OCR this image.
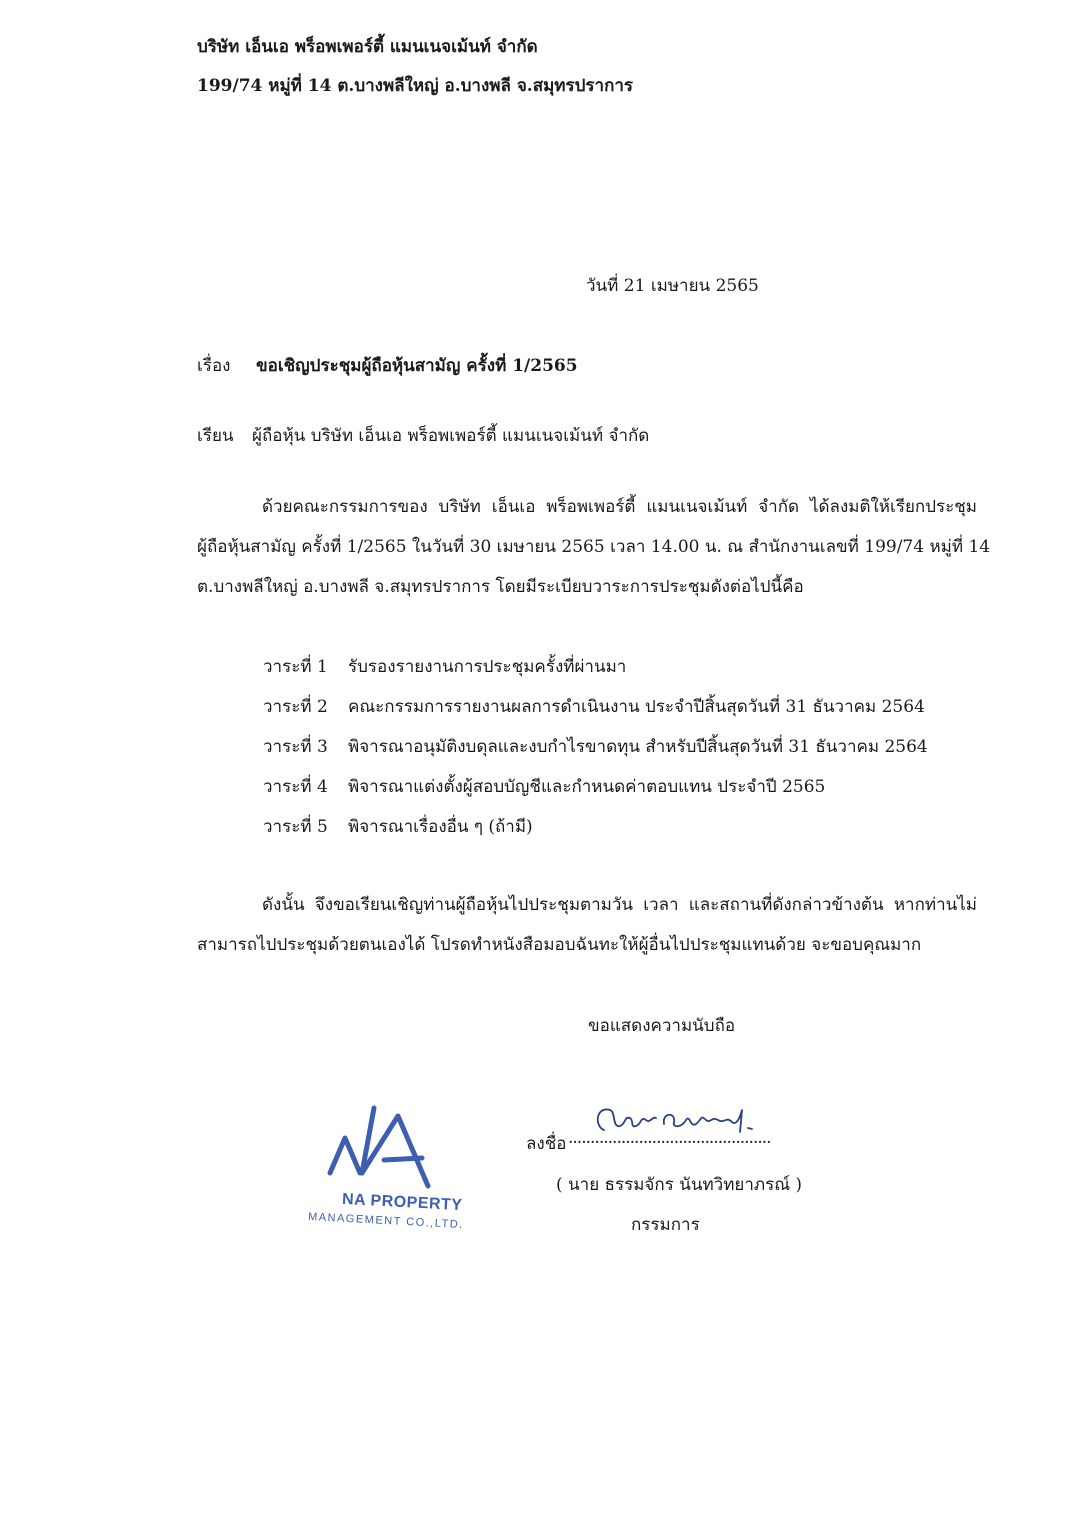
บริษัท เอ็นเอ พร็อพเพอร์ตี้ แมนเนจเม้นท์ จำกัด
199/74 หมู่ที่ 14 ต.บางพลีใหญ่ อ.บางพลี จ.สมุทรปราการ
วันที่ 21 เมษายน 2565
เรื่อง ขอเชิญประชุมผู้ถือหุ้นสามัญ ครั้งที่ 1/2565
เรียน ผู้ถือหุ้น บริษัท เอ็นเอ พร็อพเพอร์ตี้ แมนเนจเม้นท์ จำกัด
ด้วยคณะกรรมการของ บริษัท เอ็นเอ พร็อพเพอร์ตี้ แมนเนจเม้นท์ จำกัด ได้ลงมติให้เรียกประชุม
ผู้ถือหุ้นสามัญ ครั้งที่ 1/2565 ในวันที่ 30 เมษายน 2565 เวลา 14.00 น. ณ สำนักงานเลขที่ 199/74 หมู่ที่ 14
ต.บางพลีใหญ่ อ.บางพลี จ.สมุทรปราการ โดยมีระเบียบวาระการประชุมดังต่อไปนี้คือ
วาระที่ 1 รับรองรายงานการประชุมครั้งที่ผ่านมา
วาระที่ 2 คณะกรรมการรายงานผลการดำเนินงาน ประจำปีสิ้นสุดวันที่ 31 ธันวาคม 2564
วาระที่ 3 พิจารณาอนุมัติงบดุลและงบกำไรขาดทุน สำหรับปีสิ้นสุดวันที่ 31 ธันวาคม 2564
วาระที่ 4 พิจารณาแต่งตั้งผู้สอบบัญชีและกำหนดค่าตอบแทน ประจำปี 2565
วาระที่ 5 พิจารณาเรื่องอื่น ๆ (ถ้ามี)
ดังนั้น จึงขอเรียนเชิญท่านผู้ถือหุ้นไปประชุมตามวัน เวลา และสถานที่ดังกล่าวข้างต้น หากท่านไม่
สามารถไปประชุมด้วยตนเองได้ โปรดทำหนังสือมอบฉันทะให้ผู้อื่นไปประชุมแทนด้วย จะขอบคุณมาก
ขอแสดงความนับถือ
NA PROPERTY
MANAGEMENT CO.,LTD.
ลงชื่อ ..............................................
( นาย ธรรมจักร นันทวิทยาภรณ์ )
กรรมการ
